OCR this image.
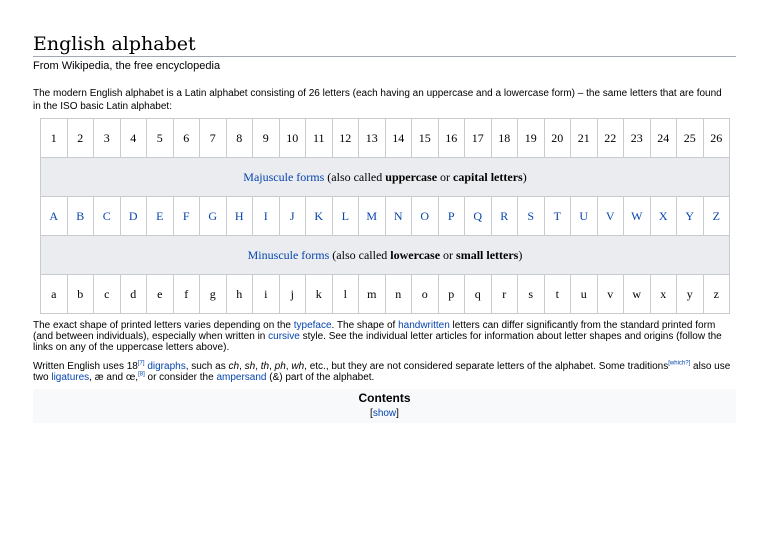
English alphabet
From Wikipedia, the free encyclopedia
The modern English alphabet is a Latin alphabet consisting of 26 letters (each having an uppercase and a lowercase form) – the same letters that are found in the ISO basic Latin alphabet:
1	2	3	4	5	6	7	8	9	10	11	12	13	14	15	16	17	18	19	20	21	22	23	24	25	26
Majuscule forms (also called uppercase or capital letters)																									
A	B	C	D	E	F	G	H	I	J	K	L	M	N	O	P	Q	R	S	T	U	V	W	X	Y	Z
Minuscule forms (also called lowercase or small letters)																									
a	b	c	d	e	f	g	h	i	j	k	l	m	n	o	p	q	r	s	t	u	v	w	x	y	z
The exact shape of printed letters varies depending on the typeface. The shape of handwritten letters can differ significantly from the standard printed form (and between individuals), especially when written in cursive style. See the individual letter articles for information about letter shapes and origins (follow the links on any of the uppercase letters above).
Written English uses 18[7] digraphs, such as ch, sh, th, ph, wh, etc., but they are not considered separate letters of the alphabet. Some traditions[which?] also use two ligatures, æ and œ,[8] or consider the ampersand (&) part of the alphabet.
Contents
[show]
